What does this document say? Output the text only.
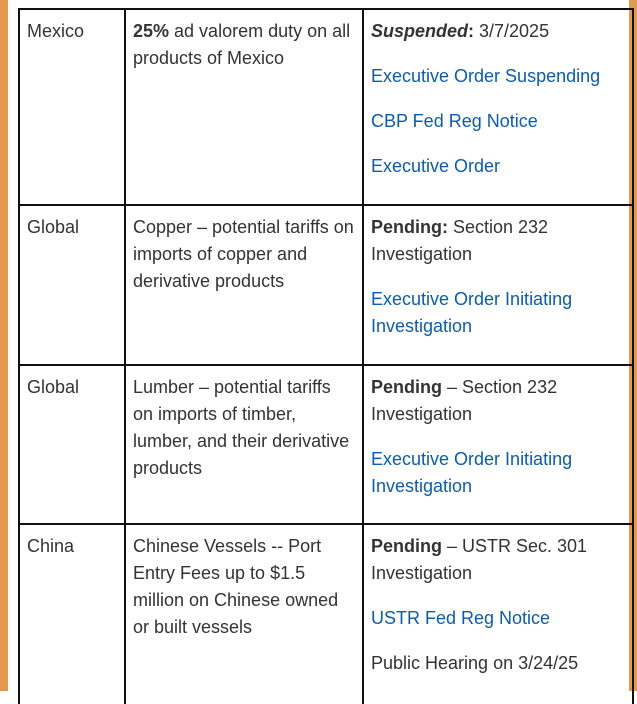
Mexico	25% ad valorem duty on all products of Mexico	Suspended: 3/7/2025
Executive Order Suspending
CBP Fed Reg Notice
Executive Order

Global	Copper – potential tariffs on imports of copper and derivative products	Pending: Section 232 Investigation
Executive Order Initiating Investigation

Global	Lumber – potential tariffs on imports of timber, lumber, and their derivative products	Pending – Section 232 Investigation
Executive Order Initiating Investigation

China	Chinese Vessels -- Port Entry Fees up to $1.5 million on Chinese owned or built vessels	Pending – USTR Sec. 301 Investigation
USTR Fed Reg Notice
Public Hearing on 3/24/25
